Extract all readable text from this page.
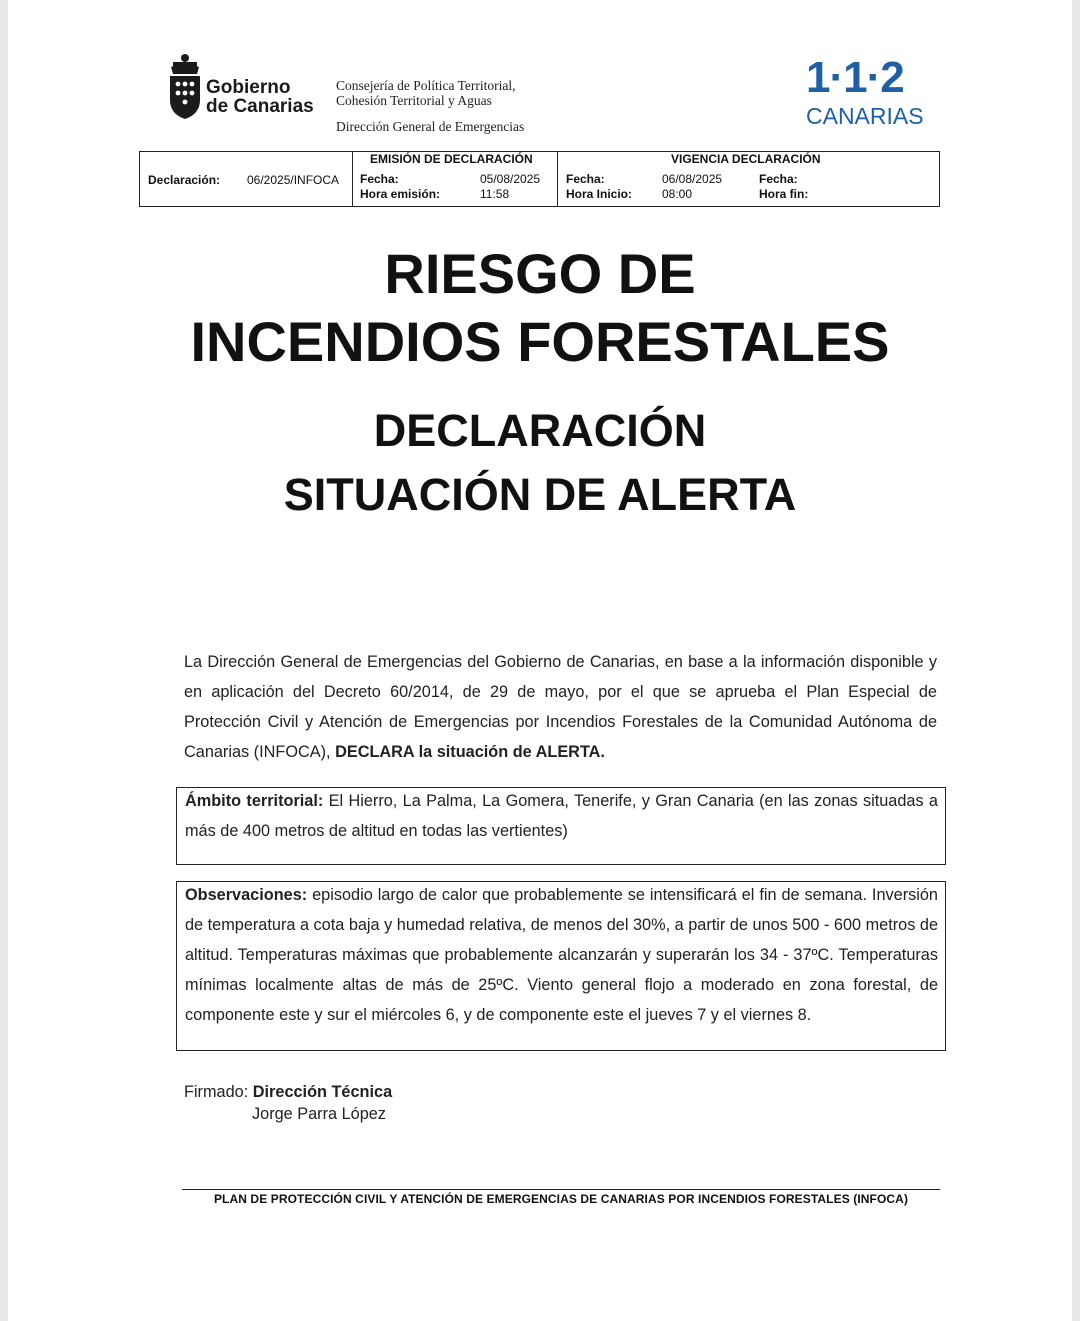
Gobierno
de Canarias
Consejería de Política Territorial,
Cohesión Territorial y Aguas
Dirección General de Emergencias
1·1·2
CANARIAS
Declaración: 06/2025/INFOCA
EMISIÓN DE DECLARACIÓN
Fecha:	05/08/2025
Hora emisión:	11:58
VIGENCIA DECLARACIÓN
Fecha:	06/08/2025
Hora Inicio: 08:00
Fecha:
Hora fin:
RIESGO DE
INCENDIOS FORESTALES
DECLARACIÓN
SITUACIÓN DE ALERTA
La Dirección General de Emergencias del Gobierno de Canarias, en base a la información disponible y en aplicación del Decreto 60/2014, de 29 de mayo, por el que se aprueba el Plan Especial de Protección Civil y Atención de Emergencias por Incendios Forestales de la Comunidad Autónoma de Canarias (INFOCA), DECLARA la situación de ALERTA.
Ámbito territorial: El Hierro, La Palma, La Gomera, Tenerife, y Gran Canaria (en las zonas situadas a más de 400 metros de altitud en todas las vertientes)
Observaciones: episodio largo de calor que probablemente se intensificará el fin de semana. Inversión de temperatura a cota baja y humedad relativa, de menos del 30%, a partir de unos 500 - 600 metros de altitud. Temperaturas máximas que probablemente alcanzarán y superarán los 34 - 37ºC. Temperaturas mínimas localmente altas de más de 25ºC. Viento general flojo a moderado en zona forestal, de componente este y sur el miércoles 6, y de componente este el jueves 7 y el viernes 8.
Firmado: Dirección Técnica
Jorge Parra López
PLAN DE PROTECCIÓN CIVIL Y ATENCIÓN DE EMERGENCIAS DE CANARIAS POR INCENDIOS FORESTALES (INFOCA)
